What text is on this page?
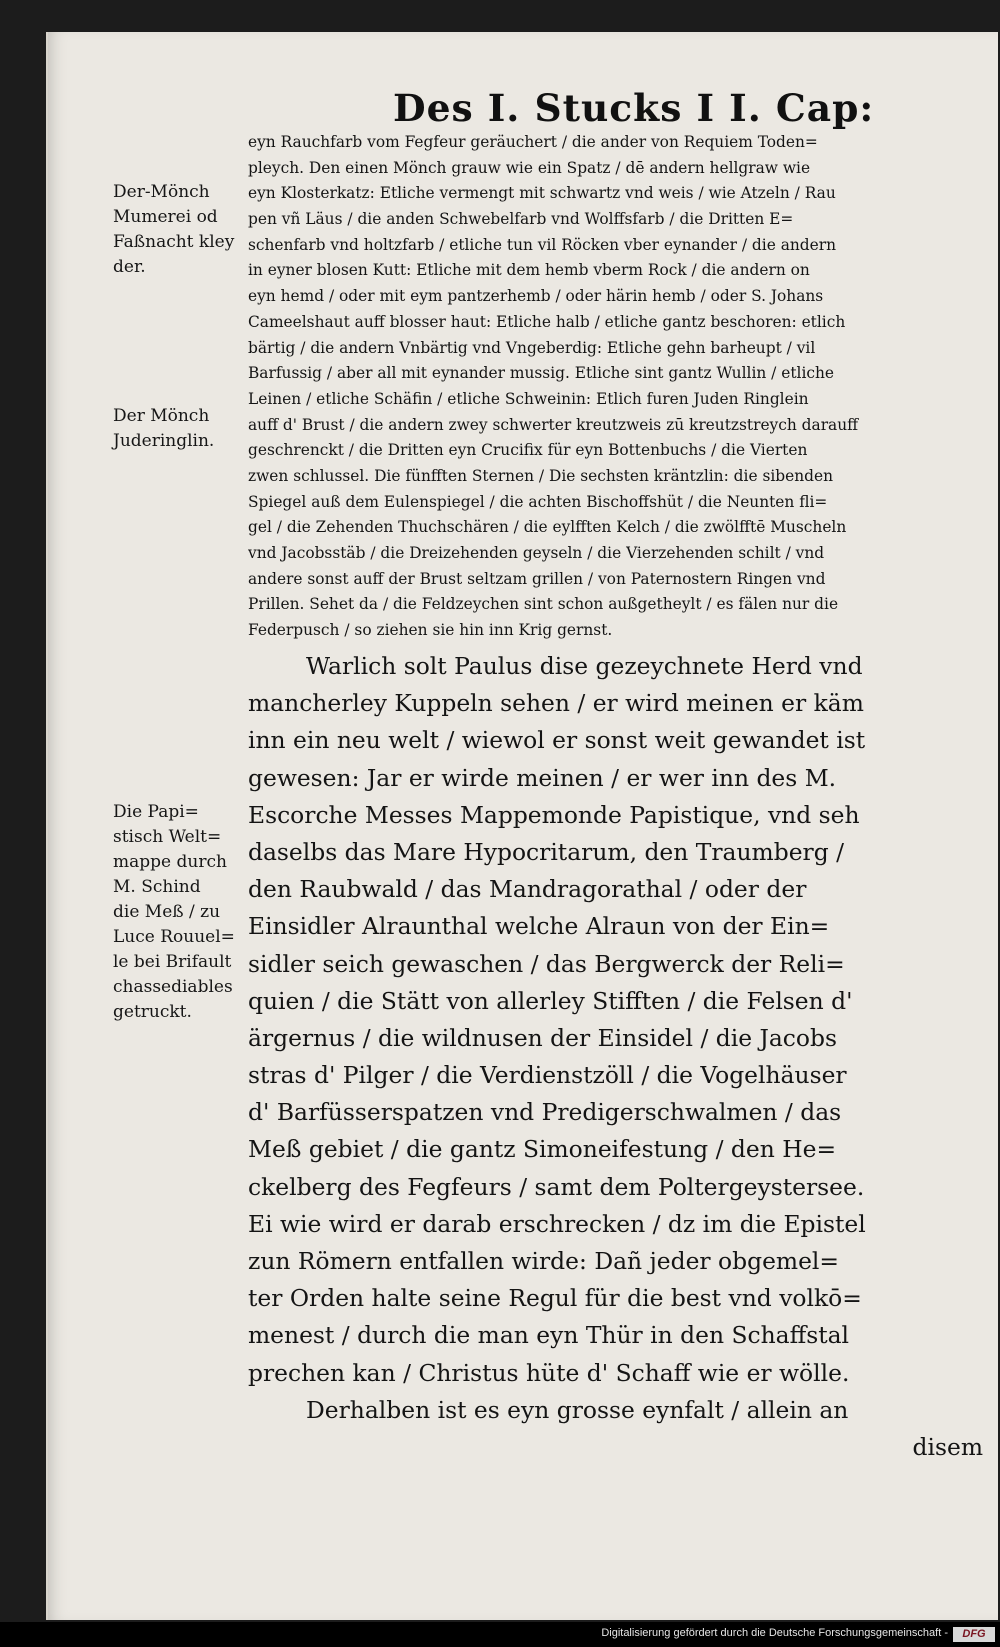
Des I. Stucks I I. Cap:
Der-Mönch
Mumerei od
Faßnacht kley
der.
Der Mönch
Juderinglin.
Die Papi=
stisch Welt=
mappe durch
M. Schind
die Meß / zu
Luce Rouuel=
le bei Brifault
chassediables
getruckt.
eyn Rauchfarb vom Fegfeur geräuchert / die ander von Requiem Toden=
pleych. Den einen Mönch grauw wie ein Spatz / dē andern hellgraw wie
eyn Klosterkatz: Etliche vermengt mit schwartz vnd weis / wie Atzeln / Rau
pen vñ Läus / die anden Schwebelfarb vnd Wolffsfarb / die Dritten E=
schenfarb vnd holtzfarb / etliche tun vil Röcken vber eynander / die andern
in eyner blosen Kutt: Etliche mit dem hemb vberm Rock / die andern on
eyn hemd / oder mit eym pantzerhemb / oder härin hemb / oder S. Johans
Cameelshaut auff blosser haut: Etliche halb / etliche gantz beschoren: etlich
bärtig / die andern Vnbärtig vnd Vngeberdig: Etliche gehn barheupt / vil
Barfussig / aber all mit eynander mussig. Etliche sint gantz Wullin / etliche
Leinen / etliche Schäfin / etliche Schweinin: Etlich furen Juden Ringlein
auff d' Brust / die andern zwey schwerter kreutzweis zū kreutzstreych darauff
geschrenckt / die Dritten eyn Crucifix für eyn Bottenbuchs / die Vierten
zwen schlussel. Die fünfften Sternen / Die sechsten kräntzlin: die sibenden
Spiegel auß dem Eulenspiegel / die achten Bischoffshüt / die Neunten fli=
gel / die Zehenden Thuchschären / die eylfften Kelch / die zwölfftē Muscheln
vnd Jacobsstäb / die Dreizehenden geyseln / die Vierzehenden schilt / vnd
andere sonst auff der Brust seltzam grillen / von Paternostern Ringen vnd
Prillen. Sehet da / die Feldzeychen sint schon außgetheylt / es fälen nur die
Federpusch / so ziehen sie hin inn Krig gernst.
Warlich solt Paulus dise gezeychnete Herd vnd
mancherley Kuppeln sehen / er wird meinen er käm
inn ein neu welt / wiewol er sonst weit gewandet ist
gewesen: Jar er wirde meinen / er wer inn des M.
Escorche Messes Mappemonde Papistique, vnd seh
daselbs das Mare Hypocritarum, den Traumberg /
den Raubwald / das Mandragorathal / oder der
Einsidler Alraunthal welche Alraun von der Ein=
sidler seich gewaschen / das Bergwerck der Reli=
quien / die Stätt von allerley Stifften / die Felsen d'
ärgernus / die wildnusen der Einsidel / die Jacobs
stras d' Pilger / die Verdienstzöll / die Vogelhäuser
d' Barfüsserspatzen vnd Predigerschwalmen / das
Meß gebiet / die gantz Simoneifestung / den He=
ckelberg des Fegfeurs / samt dem Poltergeystersee.
Ei wie wird er darab erschrecken / dz im die Epistel
zun Römern entfallen wirde: Dañ jeder obgemel=
ter Orden halte seine Regul für die best vnd volkō=
menest / durch die man eyn Thür in den Schaffstal
prechen kan / Christus hüte d' Schaff wie er wölle.
Derhalben ist es eyn grosse eynfalt / allein an
disem
Digitalisierung gefördert durch die Deutsche Forschungsgemeinschaft -	DFG
